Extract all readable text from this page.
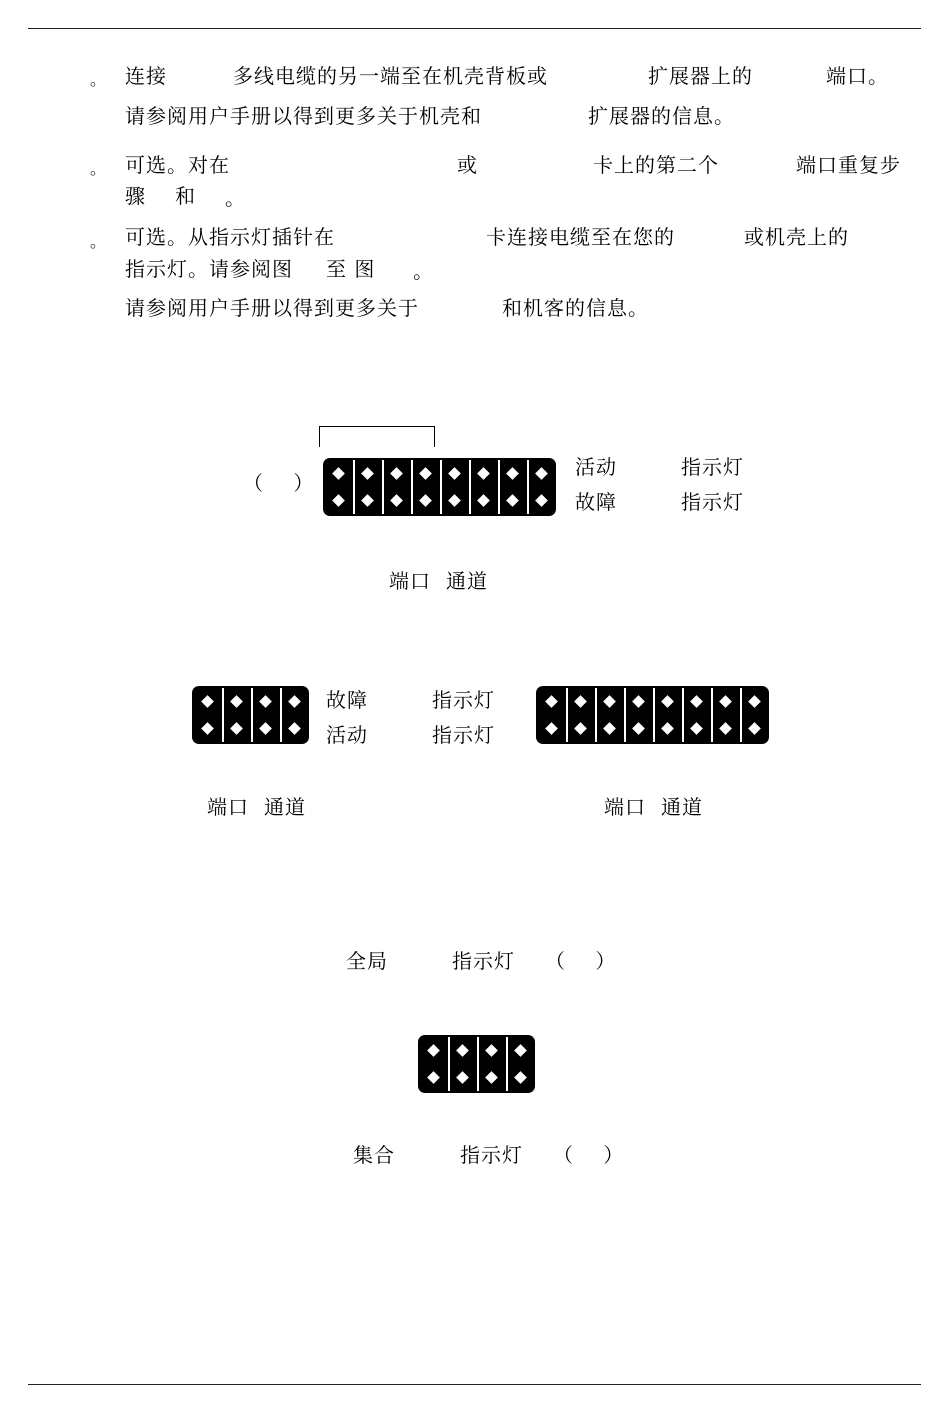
。 连接	多线电缆的另一端至在机壳背板或	扩展器上的	端口。
请参阅用户手册以得到更多关于机壳和	扩展器的信息。
。 可选。对在	或	卡上的第二个	端口重复步
骤 和 。
。 可选。从指示灯插针在	卡连接电缆至在您的	或机壳上的
指示灯。请参阅图 至 图 。
请参阅用户手册以得到更多关于	和机客的信息。
（    ）
活动	指示灯
故障	指示灯
端口 通道
故障	指示灯
活动	指示灯
端口 通道	端口 通道
全局	指示灯 （    ）
集合	指示灯 （    ）
